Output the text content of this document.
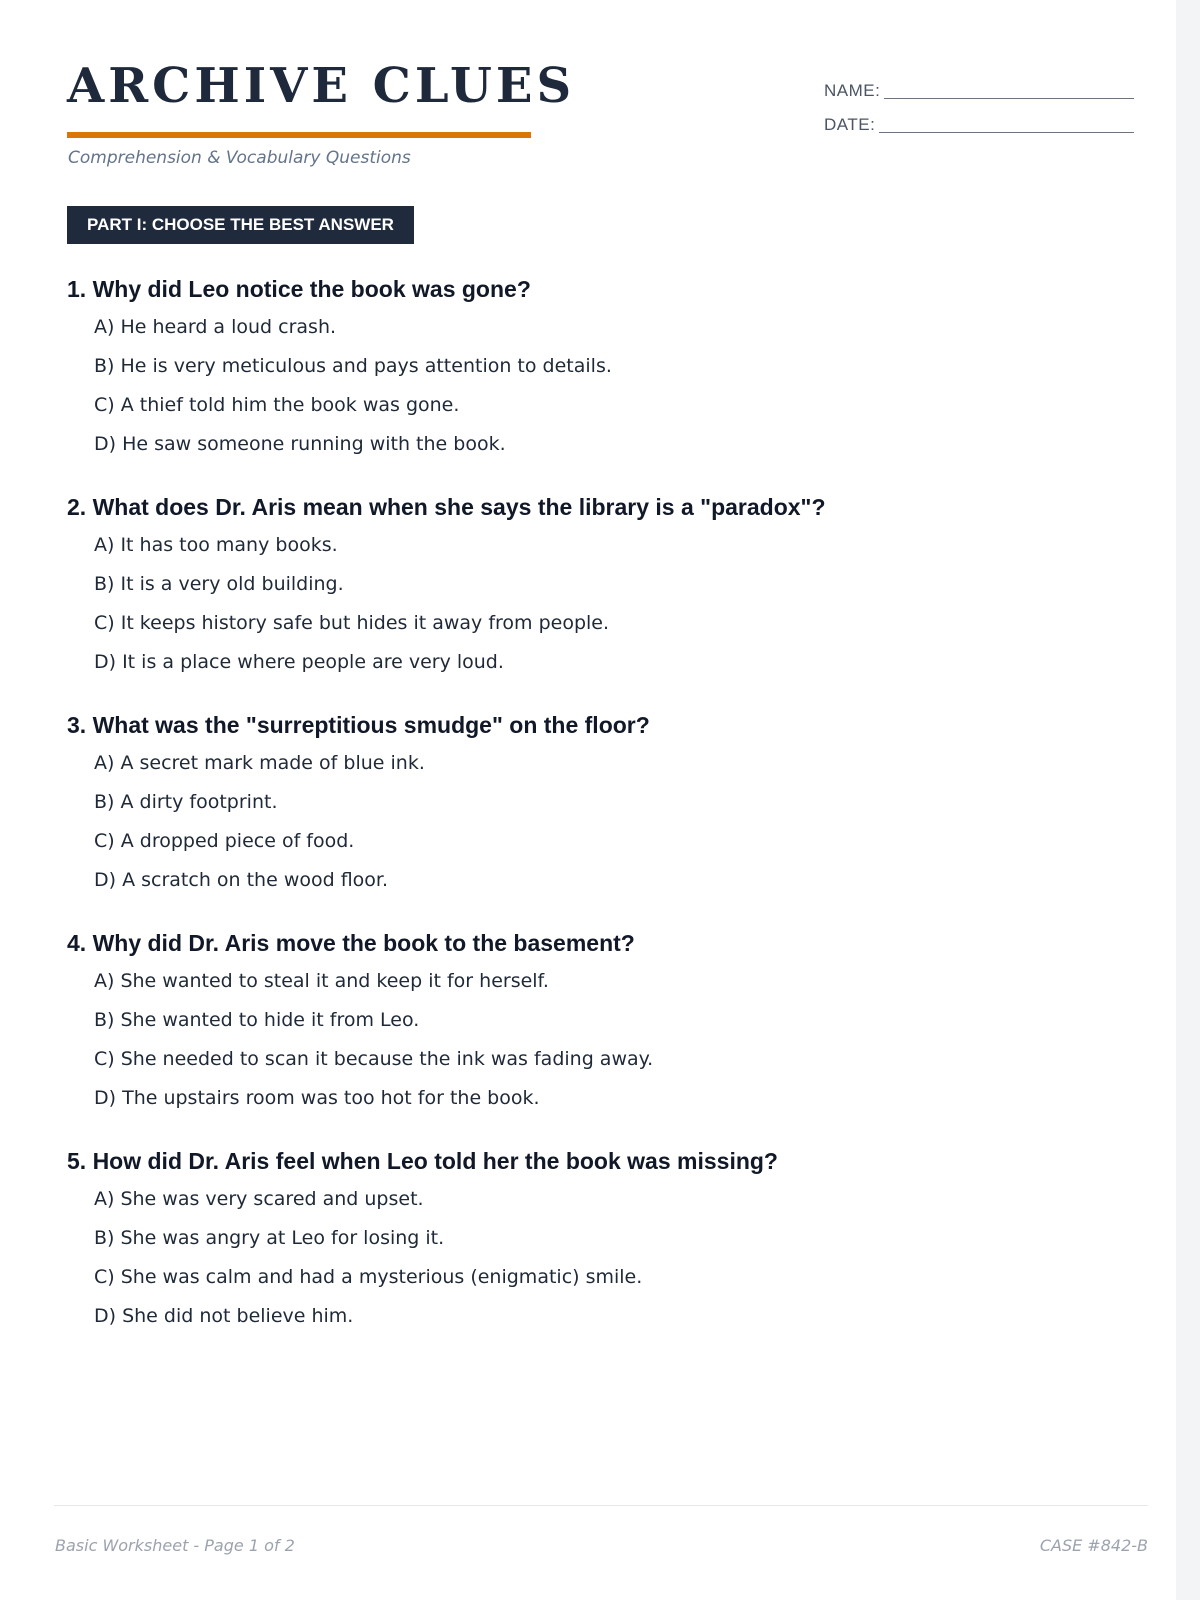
ARCHIVE CLUES
Comprehension & Vocabulary Questions
NAME:
DATE:
PART I: CHOOSE THE BEST ANSWER

1. Why did Leo notice the book was gone?

A) He heard a loud crash.
B) He is very meticulous and pays attention to details.
C) A thief told him the book was gone.
D) He saw someone running with the book.

2. What does Dr. Aris mean when she says the library is a "paradox"?

A) It has too many books.
B) It is a very old building.
C) It keeps history safe but hides it away from people.
D) It is a place where people are very loud.

3. What was the "surreptitious smudge" on the floor?

A) A secret mark made of blue ink.
B) A dirty footprint.
C) A dropped piece of food.
D) A scratch on the wood floor.

4. Why did Dr. Aris move the book to the basement?

A) She wanted to steal it and keep it for herself.
B) She wanted to hide it from Leo.
C) She needed to scan it because the ink was fading away.
D) The upstairs room was too hot for the book.

5. How did Dr. Aris feel when Leo told her the book was missing?

A) She was very scared and upset.
B) She was angry at Leo for losing it.
C) She was calm and had a mysterious (enigmatic) smile.
D) She did not believe him.
Basic Worksheet - Page 1 of 2	CASE #842-B
